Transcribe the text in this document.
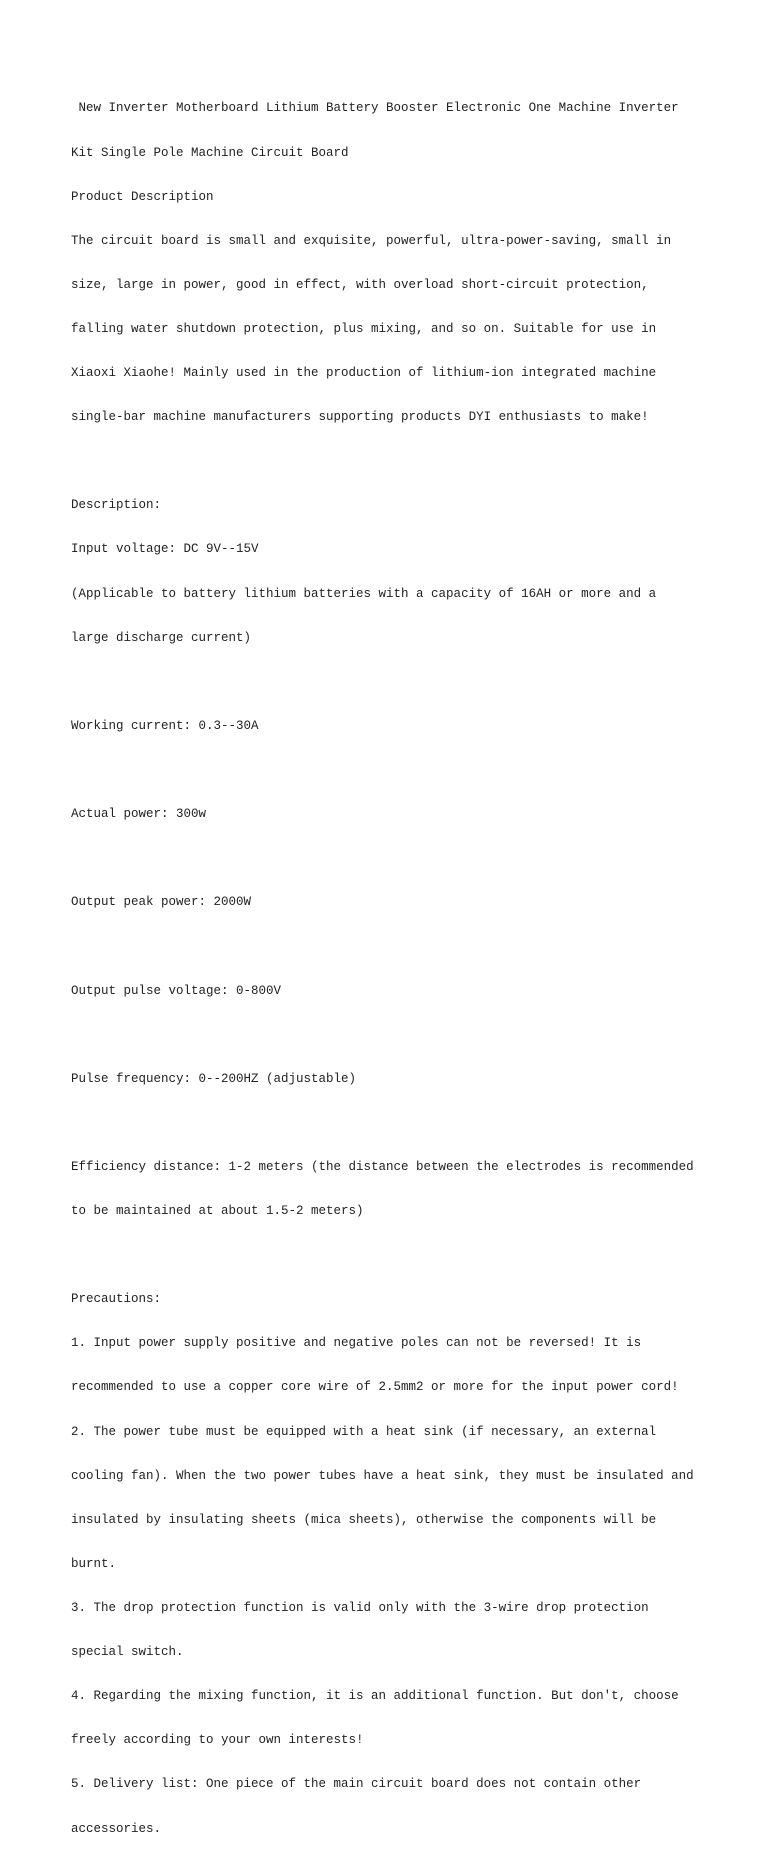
New Inverter Motherboard Lithium Battery Booster Electronic One Machine Inverter

Kit Single Pole Machine Circuit Board

Product Description

The circuit board is small and exquisite, powerful, ultra-power-saving, small in

size, large in power, good in effect, with overload short-circuit protection,

falling water shutdown protection, plus mixing, and so on. Suitable for use in

Xiaoxi Xiaohe! Mainly used in the production of lithium-ion integrated machine

single-bar machine manufacturers supporting products DYI enthusiasts to make!

Description:

Input voltage: DC 9V--15V

(Applicable to battery lithium batteries with a capacity of 16AH or more and a

large discharge current)

Working current: 0.3--30A

Actual power: 300w

Output peak power: 2000W

Output pulse voltage: 0-800V

Pulse frequency: 0--200HZ (adjustable)

Efficiency distance: 1-2 meters (the distance between the electrodes is recommended

to be maintained at about 1.5-2 meters)

Precautions:

1. Input power supply positive and negative poles can not be reversed! It is

recommended to use a copper core wire of 2.5mm2 or more for the input power cord!

2. The power tube must be equipped with a heat sink (if necessary, an external

cooling fan). When the two power tubes have a heat sink, they must be insulated and

insulated by insulating sheets (mica sheets), otherwise the components will be

burnt.

3. The drop protection function is valid only with the 3-wire drop protection

special switch.

4. Regarding the mixing function, it is an additional function. But don't, choose

freely according to your own interests!

5. Delivery list: One piece of the main circuit board does not contain other

accessories.
